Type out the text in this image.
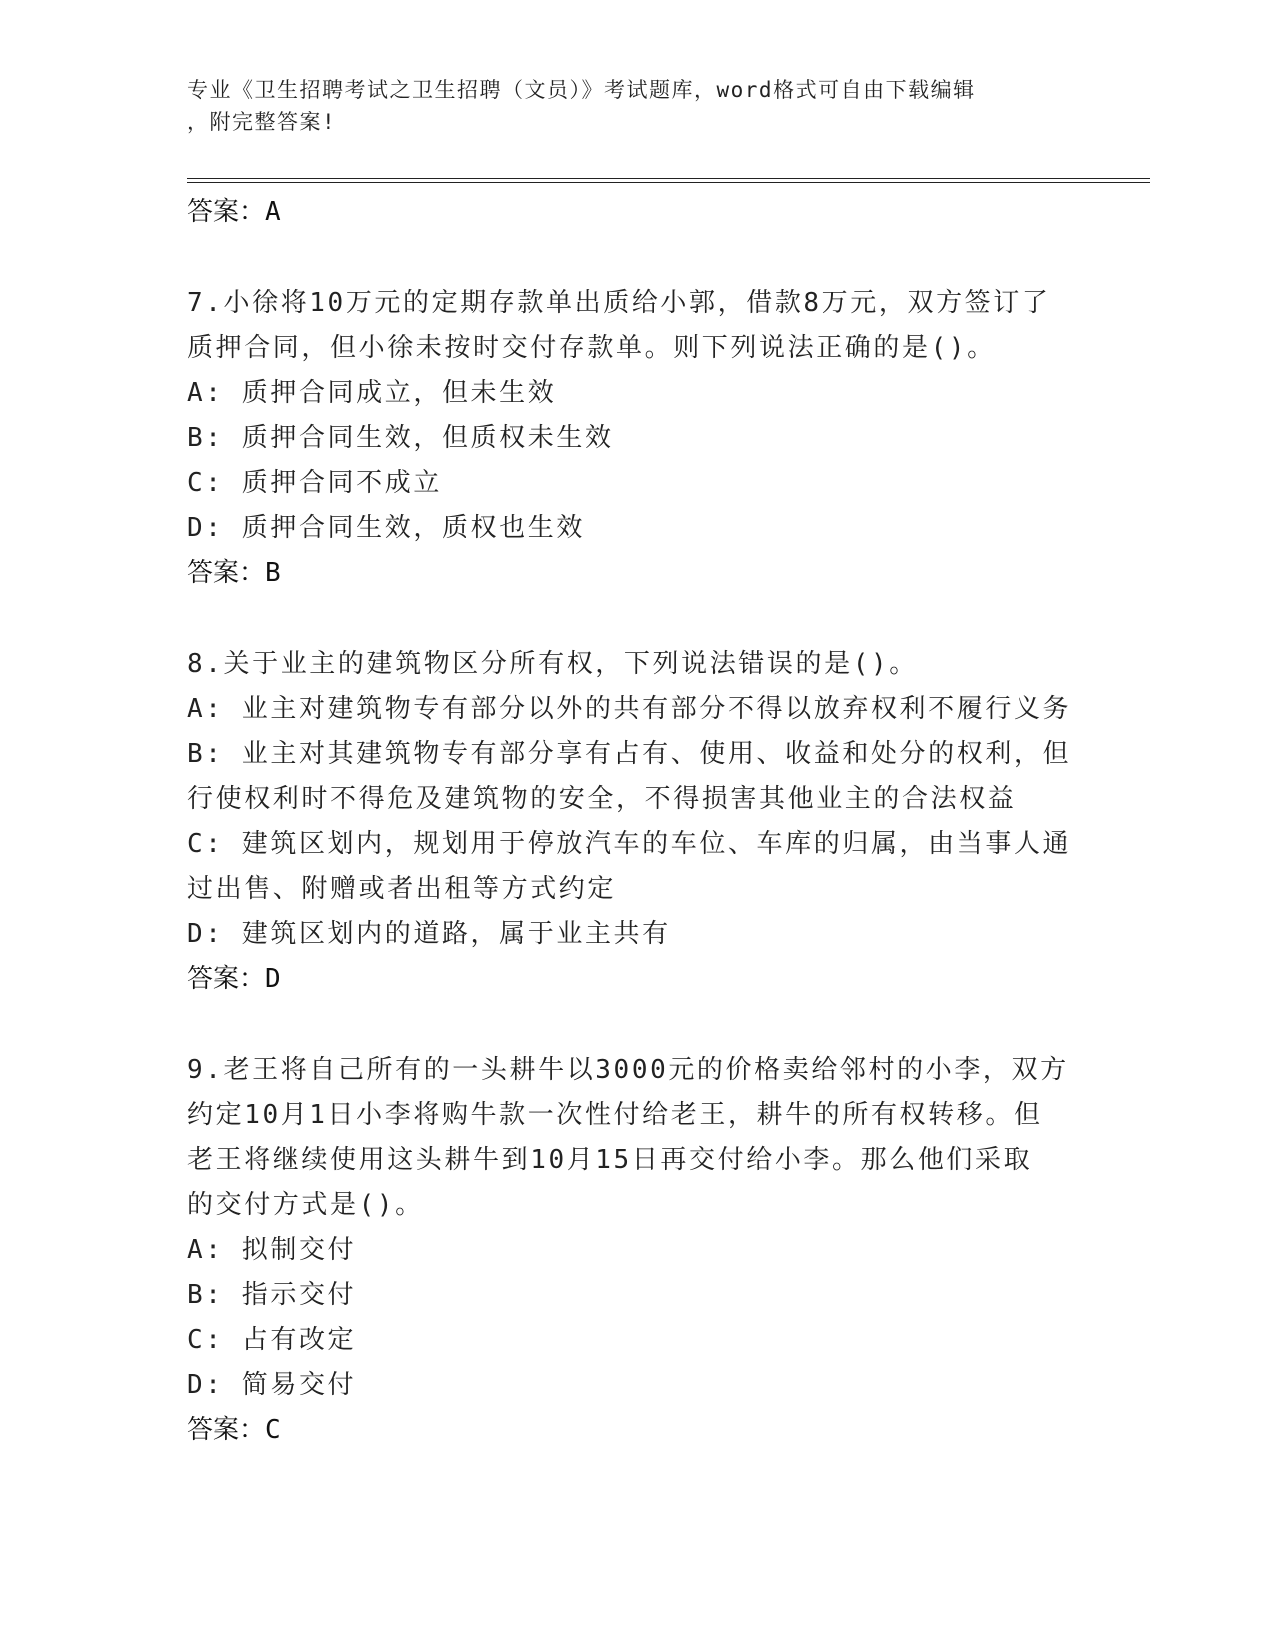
专业《卫生招聘考试之卫生招聘（文员）》考试题库，word格式可自由下载编辑
，附完整答案!
答案：A

7.小徐将10万元的定期存款单出质给小郭，借款8万元，双方签订了

质押合同，但小徐未按时交付存款单。则下列说法正确的是()。

A: 质押合同成立，但未生效

B: 质押合同生效，但质权未生效

C: 质押合同不成立

D: 质押合同生效，质权也生效

答案：B

8.关于业主的建筑物区分所有权，下列说法错误的是()。

A: 业主对建筑物专有部分以外的共有部分不得以放弃权利不履行义务

B: 业主对其建筑物专有部分享有占有、使用、收益和处分的权利，但

行使权利时不得危及建筑物的安全，不得损害其他业主的合法权益

C: 建筑区划内，规划用于停放汽车的车位、车库的归属，由当事人通

过出售、附赠或者出租等方式约定

D: 建筑区划内的道路，属于业主共有

答案：D

9.老王将自己所有的一头耕牛以3000元的价格卖给邻村的小李，双方

约定10月1日小李将购牛款一次性付给老王，耕牛的所有权转移。但

老王将继续使用这头耕牛到10月15日再交付给小李。那么他们采取

的交付方式是()。

A: 拟制交付

B: 指示交付

C: 占有改定

D: 简易交付

答案：C
